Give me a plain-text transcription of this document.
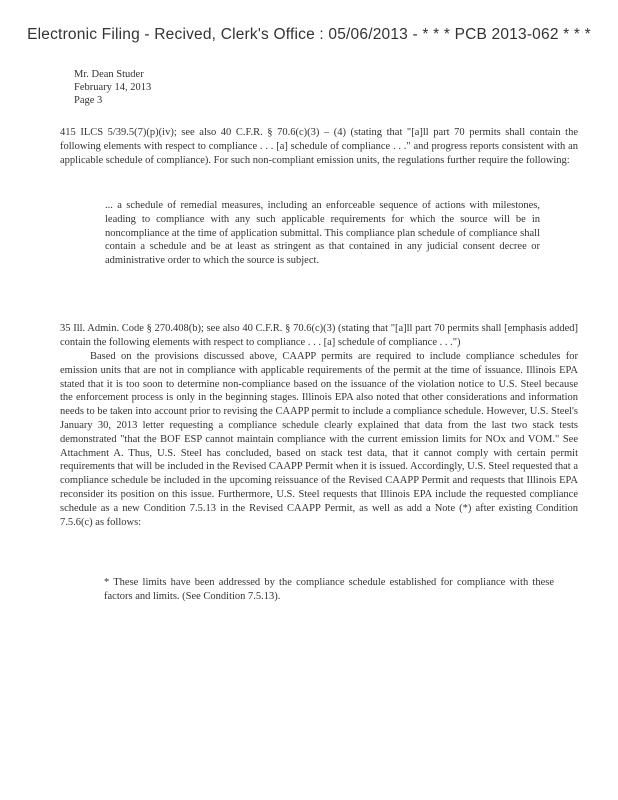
Electronic Filing - Recived, Clerk's Office : 05/06/2013 - * * * PCB 2013-062 * * *
Mr. Dean Studer
February 14, 2013
Page 3

415 ILCS 5/39.5(7)(p)(iv); see also 40 C.F.R. § 70.6(c)(3) – (4) (stating that "[a]ll part 70 permits shall contain the following elements with respect to compliance . . . [a] schedule of compliance . . ." and progress reports consistent with an applicable schedule of compliance). For such non-compliant emission units, the regulations further require the following:

... a schedule of remedial measures, including an enforceable sequence of actions with milestones, leading to compliance with any such applicable requirements for which the source will be in noncompliance at the time of application submittal. This compliance plan schedule of compliance shall contain a schedule and be at least as stringent as that contained in any judicial consent decree or administrative order to which the source is subject.

35 Ill. Admin. Code § 270.408(b); see also 40 C.F.R. § 70.6(c)(3) (stating that "[a]ll part 70 permits shall [emphasis added] contain the following elements with respect to compliance . . . [a] schedule of compliance . . .")

Based on the provisions discussed above, CAAPP permits are required to include compliance schedules for emission units that are not in compliance with applicable requirements of the permit at the time of issuance. Illinois EPA stated that it is too soon to determine non-compliance based on the issuance of the violation notice to U.S. Steel because the enforcement process is only in the beginning stages. Illinois EPA also noted that other considerations and information needs to be taken into account prior to revising the CAAPP permit to include a compliance schedule. However, U.S. Steel's January 30, 2013 letter requesting a compliance schedule clearly explained that data from the last two stack tests demonstrated "that the BOF ESP cannot maintain compliance with the current emission limits for NOx and VOM." See Attachment A. Thus, U.S. Steel has concluded, based on stack test data, that it cannot comply with certain permit requirements that will be included in the Revised CAAPP Permit when it is issued. Accordingly, U.S. Steel requested that a compliance schedule be included in the upcoming reissuance of the Revised CAAPP Permit and requests that Illinois EPA reconsider its position on this issue. Furthermore, U.S. Steel requests that Illinois EPA include the requested compliance schedule as a new Condition 7.5.13 in the Revised CAAPP Permit, as well as add a Note (*) after existing Condition 7.5.6(c) as follows:

* These limits have been addressed by the compliance schedule established for compliance with these factors and limits. (See Condition 7.5.13).
